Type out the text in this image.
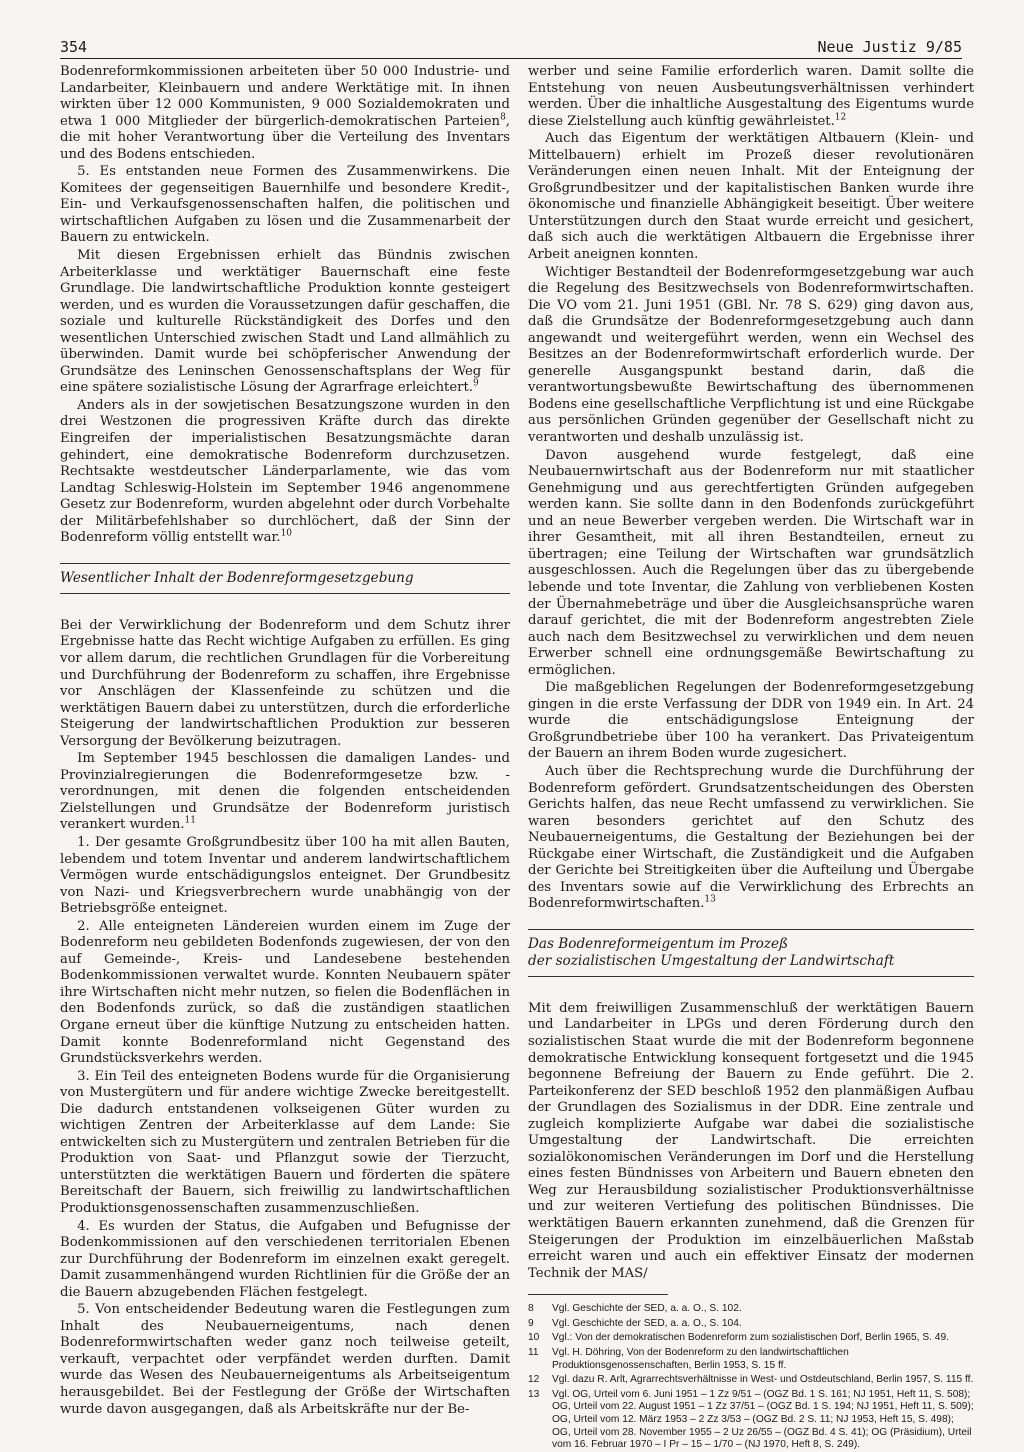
354	Neue Justiz 9/85

Bodenreformkommissionen arbeiteten über 50 000 Industrie- und Landarbeiter, Kleinbauern und andere Werktätige mit. In ihnen wirkten über 12 000 Kommunisten, 9 000 Sozialdemokraten und etwa 1 000 Mitglieder der bürgerlich-demokratischen Parteien$^8$, die mit hoher Verantwortung über die Verteilung des Inventars und des Bodens entschieden.

5. Es entstanden neue Formen des Zusammenwirkens. Die Komitees der gegenseitigen Bauernhilfe und besondere Kredit-, Ein- und Verkaufsgenossenschaften halfen, die politischen und wirtschaftlichen Aufgaben zu lösen und die Zusammenarbeit der Bauern zu entwickeln.

Mit diesen Ergebnissen erhielt das Bündnis zwischen Arbeiterklasse und werktätiger Bauernschaft eine feste Grundlage. Die landwirtschaftliche Produktion konnte gesteigert werden, und es wurden die Voraussetzungen dafür geschaffen, die soziale und kulturelle Rückständigkeit des Dorfes und den wesentlichen Unterschied zwischen Stadt und Land allmählich zu überwinden. Damit wurde bei schöpferischer Anwendung der Grundsätze des Leninschen Genossenschaftsplans der Weg für eine spätere sozialistische Lösung der Agrarfrage erleichtert.$^9$

Anders als in der sowjetischen Besatzungszone wurden in den drei Westzonen die progressiven Kräfte durch das direkte Eingreifen der imperialistischen Besatzungsmächte daran gehindert, eine demokratische Bodenreform durchzusetzen. Rechtsakte westdeutscher Länderparlamente, wie das vom Landtag Schleswig-Holstein im September 1946 angenommene Gesetz zur Bodenreform, wurden abgelehnt oder durch Vorbehalte der Militärbefehlshaber so durchlöchert, daß der Sinn der Bodenreform völlig entstellt war.$^{10}$

Wesentlicher Inhalt der Bodenreformgesetzgebung

Bei der Verwirklichung der Bodenreform und dem Schutz ihrer Ergebnisse hatte das Recht wichtige Aufgaben zu erfüllen. Es ging vor allem darum, die rechtlichen Grundlagen für die Vorbereitung und Durchführung der Bodenreform zu schaffen, ihre Ergebnisse vor Anschlägen der Klassenfeinde zu schützen und die werktätigen Bauern dabei zu unterstützen, durch die erforderliche Steigerung der landwirtschaftlichen Produktion zur besseren Versorgung der Bevölkerung beizutragen.

Im September 1945 beschlossen die damaligen Landes- und Provinzialregierungen die Bodenreformgesetze bzw. -verordnungen, mit denen die folgenden entscheidenden Zielstellungen und Grundsätze der Bodenreform juristisch verankert wurden.$^{11}$

1. Der gesamte Großgrundbesitz über 100 ha mit allen Bauten, lebendem und totem Inventar und anderem landwirtschaftlichem Vermögen wurde entschädigungslos enteignet. Der Grundbesitz von Nazi- und Kriegsverbrechern wurde unabhängig von der Betriebsgröße enteignet.

2. Alle enteigneten Ländereien wurden einem im Zuge der Bodenreform neu gebildeten Bodenfonds zugewiesen, der von den auf Gemeinde-, Kreis- und Landesebene bestehenden Bodenkommissionen verwaltet wurde. Konnten Neubauern später ihre Wirtschaften nicht mehr nutzen, so fielen die Bodenflächen in den Bodenfonds zurück, so daß die zuständigen staatlichen Organe erneut über die künftige Nutzung zu entscheiden hatten. Damit konnte Bodenreformland nicht Gegenstand des Grundstücksverkehrs werden.

3. Ein Teil des enteigneten Bodens wurde für die Organisierung von Mustergütern und für andere wichtige Zwecke bereitgestellt. Die dadurch entstandenen volkseigenen Güter wurden zu wichtigen Zentren der Arbeiterklasse auf dem Lande: Sie entwickelten sich zu Mustergütern und zentralen Betrieben für die Produktion von Saat- und Pflanzgut sowie der Tierzucht, unterstützten die werktätigen Bauern und förderten die spätere Bereitschaft der Bauern, sich freiwillig zu landwirtschaftlichen Produktionsgenossenschaften zusammenzuschließen.

4. Es wurden der Status, die Aufgaben und Befugnisse der Bodenkommissionen auf den verschiedenen territorialen Ebenen zur Durchführung der Bodenreform im einzelnen exakt geregelt. Damit zusammenhängend wurden Richtlinien für die Größe der an die Bauern abzugebenden Flächen festgelegt.

5. Von entscheidender Bedeutung waren die Festlegungen zum Inhalt des Neubauerneigentums, nach denen Bodenreformwirtschaften weder ganz noch teilweise geteilt, verkauft, verpachtet oder verpfändet werden durften. Damit wurde das Wesen des Neubauerneigentums als Arbeitseigentum herausgebildet. Bei der Festlegung der Größe der Wirtschaften wurde davon ausgegangen, daß als Arbeitskräfte nur der Be-

werber und seine Familie erforderlich waren. Damit sollte die Entstehung von neuen Ausbeutungsverhältnissen verhindert werden. Über die inhaltliche Ausgestaltung des Eigentums wurde diese Zielstellung auch künftig gewährleistet.$^{12}$

Auch das Eigentum der werktätigen Altbauern (Klein- und Mittelbauern) erhielt im Prozeß dieser revolutionären Veränderungen einen neuen Inhalt. Mit der Enteignung der Großgrundbesitzer und der kapitalistischen Banken wurde ihre ökonomische und finanzielle Abhängigkeit beseitigt. Über weitere Unterstützungen durch den Staat wurde erreicht und gesichert, daß sich auch die werktätigen Altbauern die Ergebnisse ihrer Arbeit aneignen konnten.

Wichtiger Bestandteil der Bodenreformgesetzgebung war auch die Regelung des Besitzwechsels von Bodenreformwirtschaften. Die VO vom 21. Juni 1951 (GBl. Nr. 78 S. 629) ging davon aus, daß die Grundsätze der Bodenreformgesetzgebung auch dann angewandt und weitergeführt werden, wenn ein Wechsel des Besitzes an der Bodenreformwirtschaft erforderlich wurde. Der generelle Ausgangspunkt bestand darin, daß die verantwortungsbewußte Bewirtschaftung des übernommenen Bodens eine gesellschaftliche Verpflichtung ist und eine Rückgabe aus persönlichen Gründen gegenüber der Gesellschaft nicht zu verantworten und deshalb unzulässig ist.

Davon ausgehend wurde festgelegt, daß eine Neubauernwirtschaft aus der Bodenreform nur mit staatlicher Genehmigung und aus gerechtfertigten Gründen aufgegeben werden kann. Sie sollte dann in den Bodenfonds zurückgeführt und an neue Bewerber vergeben werden. Die Wirtschaft war in ihrer Gesamtheit, mit all ihren Bestandteilen, erneut zu übertragen; eine Teilung der Wirtschaften war grundsätzlich ausgeschlossen. Auch die Regelungen über das zu übergebende lebende und tote Inventar, die Zahlung von verbliebenen Kosten der Übernahmebeträge und über die Ausgleichsansprüche waren darauf gerichtet, die mit der Bodenreform angestrebten Ziele auch nach dem Besitzwechsel zu verwirklichen und dem neuen Erwerber schnell eine ordnungsgemäße Bewirtschaftung zu ermöglichen.

Die maßgeblichen Regelungen der Bodenreformgesetzgebung gingen in die erste Verfassung der DDR von 1949 ein. In Art. 24 wurde die entschädigungslose Enteignung der Großgrundbetriebe über 100 ha verankert. Das Privateigentum der Bauern an ihrem Boden wurde zugesichert.

Auch über die Rechtsprechung wurde die Durchführung der Bodenreform gefördert. Grundsatzentscheidungen des Obersten Gerichts halfen, das neue Recht umfassend zu verwirklichen. Sie waren besonders gerichtet auf den Schutz des Neubauerneigentums, die Gestaltung der Beziehungen bei der Rückgabe einer Wirtschaft, die Zuständigkeit und die Aufgaben der Gerichte bei Streitigkeiten über die Aufteilung und Übergabe des Inventars sowie auf die Verwirklichung des Erbrechts an Bodenreformwirtschaften.$^{13}$

Das Bodenreformeigentum im Prozeß
der sozialistischen Umgestaltung der Landwirtschaft

Mit dem freiwilligen Zusammenschluß der werktätigen Bauern und Landarbeiter in LPGs und deren Förderung durch den sozialistischen Staat wurde die mit der Bodenreform begonnene demokratische Entwicklung konsequent fortgesetzt und die 1945 begonnene Befreiung der Bauern zu Ende geführt. Die 2. Parteikonferenz der SED beschloß 1952 den planmäßigen Aufbau der Grundlagen des Sozialismus in der DDR. Eine zentrale und zugleich komplizierte Aufgabe war dabei die sozialistische Umgestaltung der Landwirtschaft. Die erreichten sozialökonomischen Veränderungen im Dorf und die Herstellung eines festen Bündnisses von Arbeitern und Bauern ebneten den Weg zur Herausbildung sozialistischer Produktionsverhältnisse und zur weiteren Vertiefung des politischen Bündnisses. Die werktätigen Bauern erkannten zunehmend, daß die Grenzen für Steigerungen der Produktion im einzelbäuerlichen Maßstab erreicht waren und auch ein effektiver Einsatz der modernen Technik der MAS/

8	Vgl. Geschichte der SED, a. a. O., S. 102.
9	Vgl. Geschichte der SED, a. a. O., S. 104.
10	Vgl.: Von der demokratischen Bodenreform zum sozialistischen Dorf, Berlin 1965, S. 49.
11	Vgl. H. Döhring, Von der Bodenreform zu den landwirtschaftlichen Produktionsgenossenschaften, Berlin 1953, S. 15 ff.
12	Vgl. dazu R. Arlt, Agrarrechtsverhältnisse in West- und Ostdeutschland, Berlin 1957, S. 115 ff.
13	Vgl. OG, Urteil vom 6. Juni 1951 – 1 Zz 9/51 – (OGZ Bd. 1 S. 161; NJ 1951, Heft 11, S. 508); OG, Urteil vom 22. August 1951 – 1 Zz 37/51 – (OGZ Bd. 1 S. 194; NJ 1951, Heft 11, S. 509); OG, Urteil vom 12. März 1953 – 2 Zz 3/53 – (OGZ Bd. 2 S. 11; NJ 1953, Heft 15, S. 498); OG, Urteil vom 28. November 1955 – 2 Uz 26/55 – (OGZ Bd. 4 S. 41); OG (Präsidium), Urteil vom 16. Februar 1970 – I Pr – 15 – 1/70 – (NJ 1970, Heft 8, S. 249).
